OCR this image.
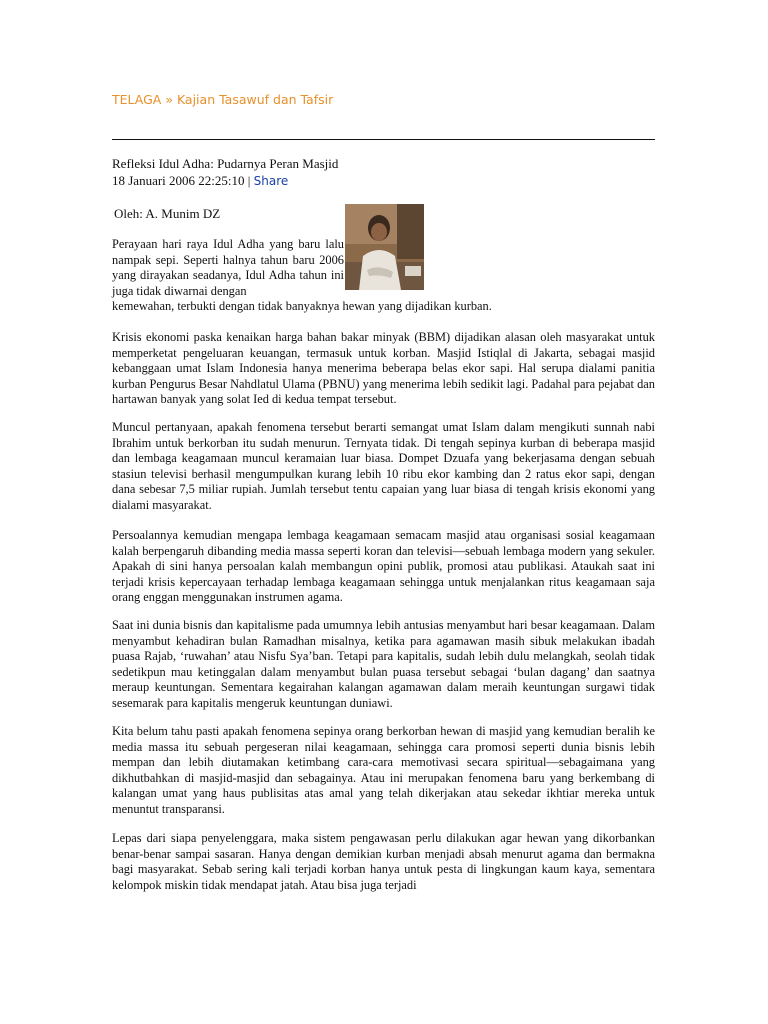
TELAGA » Kajian Tasawuf dan Tafsir
Refleksi Idul Adha: Pudarnya Peran Masjid
18 Januari 2006 22:25:10 | Share
Oleh: A. Munim DZ

Perayaan hari raya Idul Adha yang baru lalu nampak sepi. Seperti halnya tahun baru 2006 yang dirayakan seadanya, Idul Adha tahun ini juga tidak diwarnai dengan
kemewahan, terbukti dengan tidak banyaknya hewan yang dijadikan kurban.

Krisis ekonomi paska kenaikan harga bahan bakar minyak (BBM) dijadikan alasan oleh masyarakat untuk memperketat pengeluaran keuangan, termasuk untuk korban. Masjid Istiqlal di Jakarta, sebagai masjid kebanggaan umat Islam Indonesia hanya menerima beberapa belas ekor sapi. Hal serupa dialami panitia kurban Pengurus Besar Nahdlatul Ulama (PBNU) yang menerima lebih sedikit lagi. Padahal para pejabat dan hartawan banyak yang solat Ied di kedua tempat tersebut.

Muncul pertanyaan, apakah fenomena tersebut berarti semangat umat Islam dalam mengikuti sunnah nabi Ibrahim untuk berkorban itu sudah menurun. Ternyata tidak. Di tengah sepinya kurban di beberapa masjid dan lembaga keagamaan muncul keramaian luar biasa. Dompet Dzuafa yang bekerjasama dengan sebuah stasiun televisi berhasil mengumpulkan kurang lebih 10 ribu ekor kambing dan 2 ratus ekor sapi, dengan dana sebesar 7,5 miliar rupiah. Jumlah tersebut tentu capaian yang luar biasa di tengah krisis ekonomi yang dialami masyarakat.

Persoalannya kemudian mengapa lembaga keagamaan semacam masjid atau organisasi sosial keagamaan kalah berpengaruh dibanding media massa seperti koran dan televisi—sebuah lembaga modern yang sekuler. Apakah di sini hanya persoalan kalah membangun opini publik, promosi atau publikasi. Ataukah saat ini terjadi krisis kepercayaan terhadap lembaga keagamaan sehingga untuk menjalankan ritus keagamaan saja orang enggan menggunakan instrumen agama.

Saat ini dunia bisnis dan kapitalisme pada umumnya lebih antusias menyambut hari besar keagamaan. Dalam menyambut kehadiran bulan Ramadhan misalnya, ketika para agamawan masih sibuk melakukan ibadah puasa Rajab, ‘ruwahan’ atau Nisfu Sya’ban. Tetapi para kapitalis, sudah lebih dulu melangkah, seolah tidak sedetikpun mau ketinggalan dalam menyambut bulan puasa tersebut sebagai ‘bulan dagang’ dan saatnya meraup keuntungan. Sementara kegairahan kalangan agamawan dalam meraih keuntungan surgawi tidak sesemarak para kapitalis mengeruk keuntungan duniawi.

Kita belum tahu pasti apakah fenomena sepinya orang berkorban hewan di masjid yang kemudian beralih ke media massa itu sebuah pergeseran nilai keagamaan, sehingga cara promosi seperti dunia bisnis lebih mempan dan lebih diutamakan ketimbang cara-cara memotivasi secara spiritual—sebagaimana yang dikhutbahkan di masjid-masjid dan sebagainya. Atau ini merupakan fenomena baru yang berkembang di kalangan umat yang haus publisitas atas amal yang telah dikerjakan atau sekedar ikhtiar mereka untuk menuntut transparansi.

Lepas dari siapa penyelenggara, maka sistem pengawasan perlu dilakukan agar hewan yang dikorbankan benar-benar sampai sasaran. Hanya dengan demikian kurban menjadi absah menurut agama dan bermakna bagi masyarakat. Sebab sering kali terjadi korban hanya untuk pesta di lingkungan kaum kaya, sementara kelompok miskin tidak mendapat jatah. Atau bisa juga terjadi
